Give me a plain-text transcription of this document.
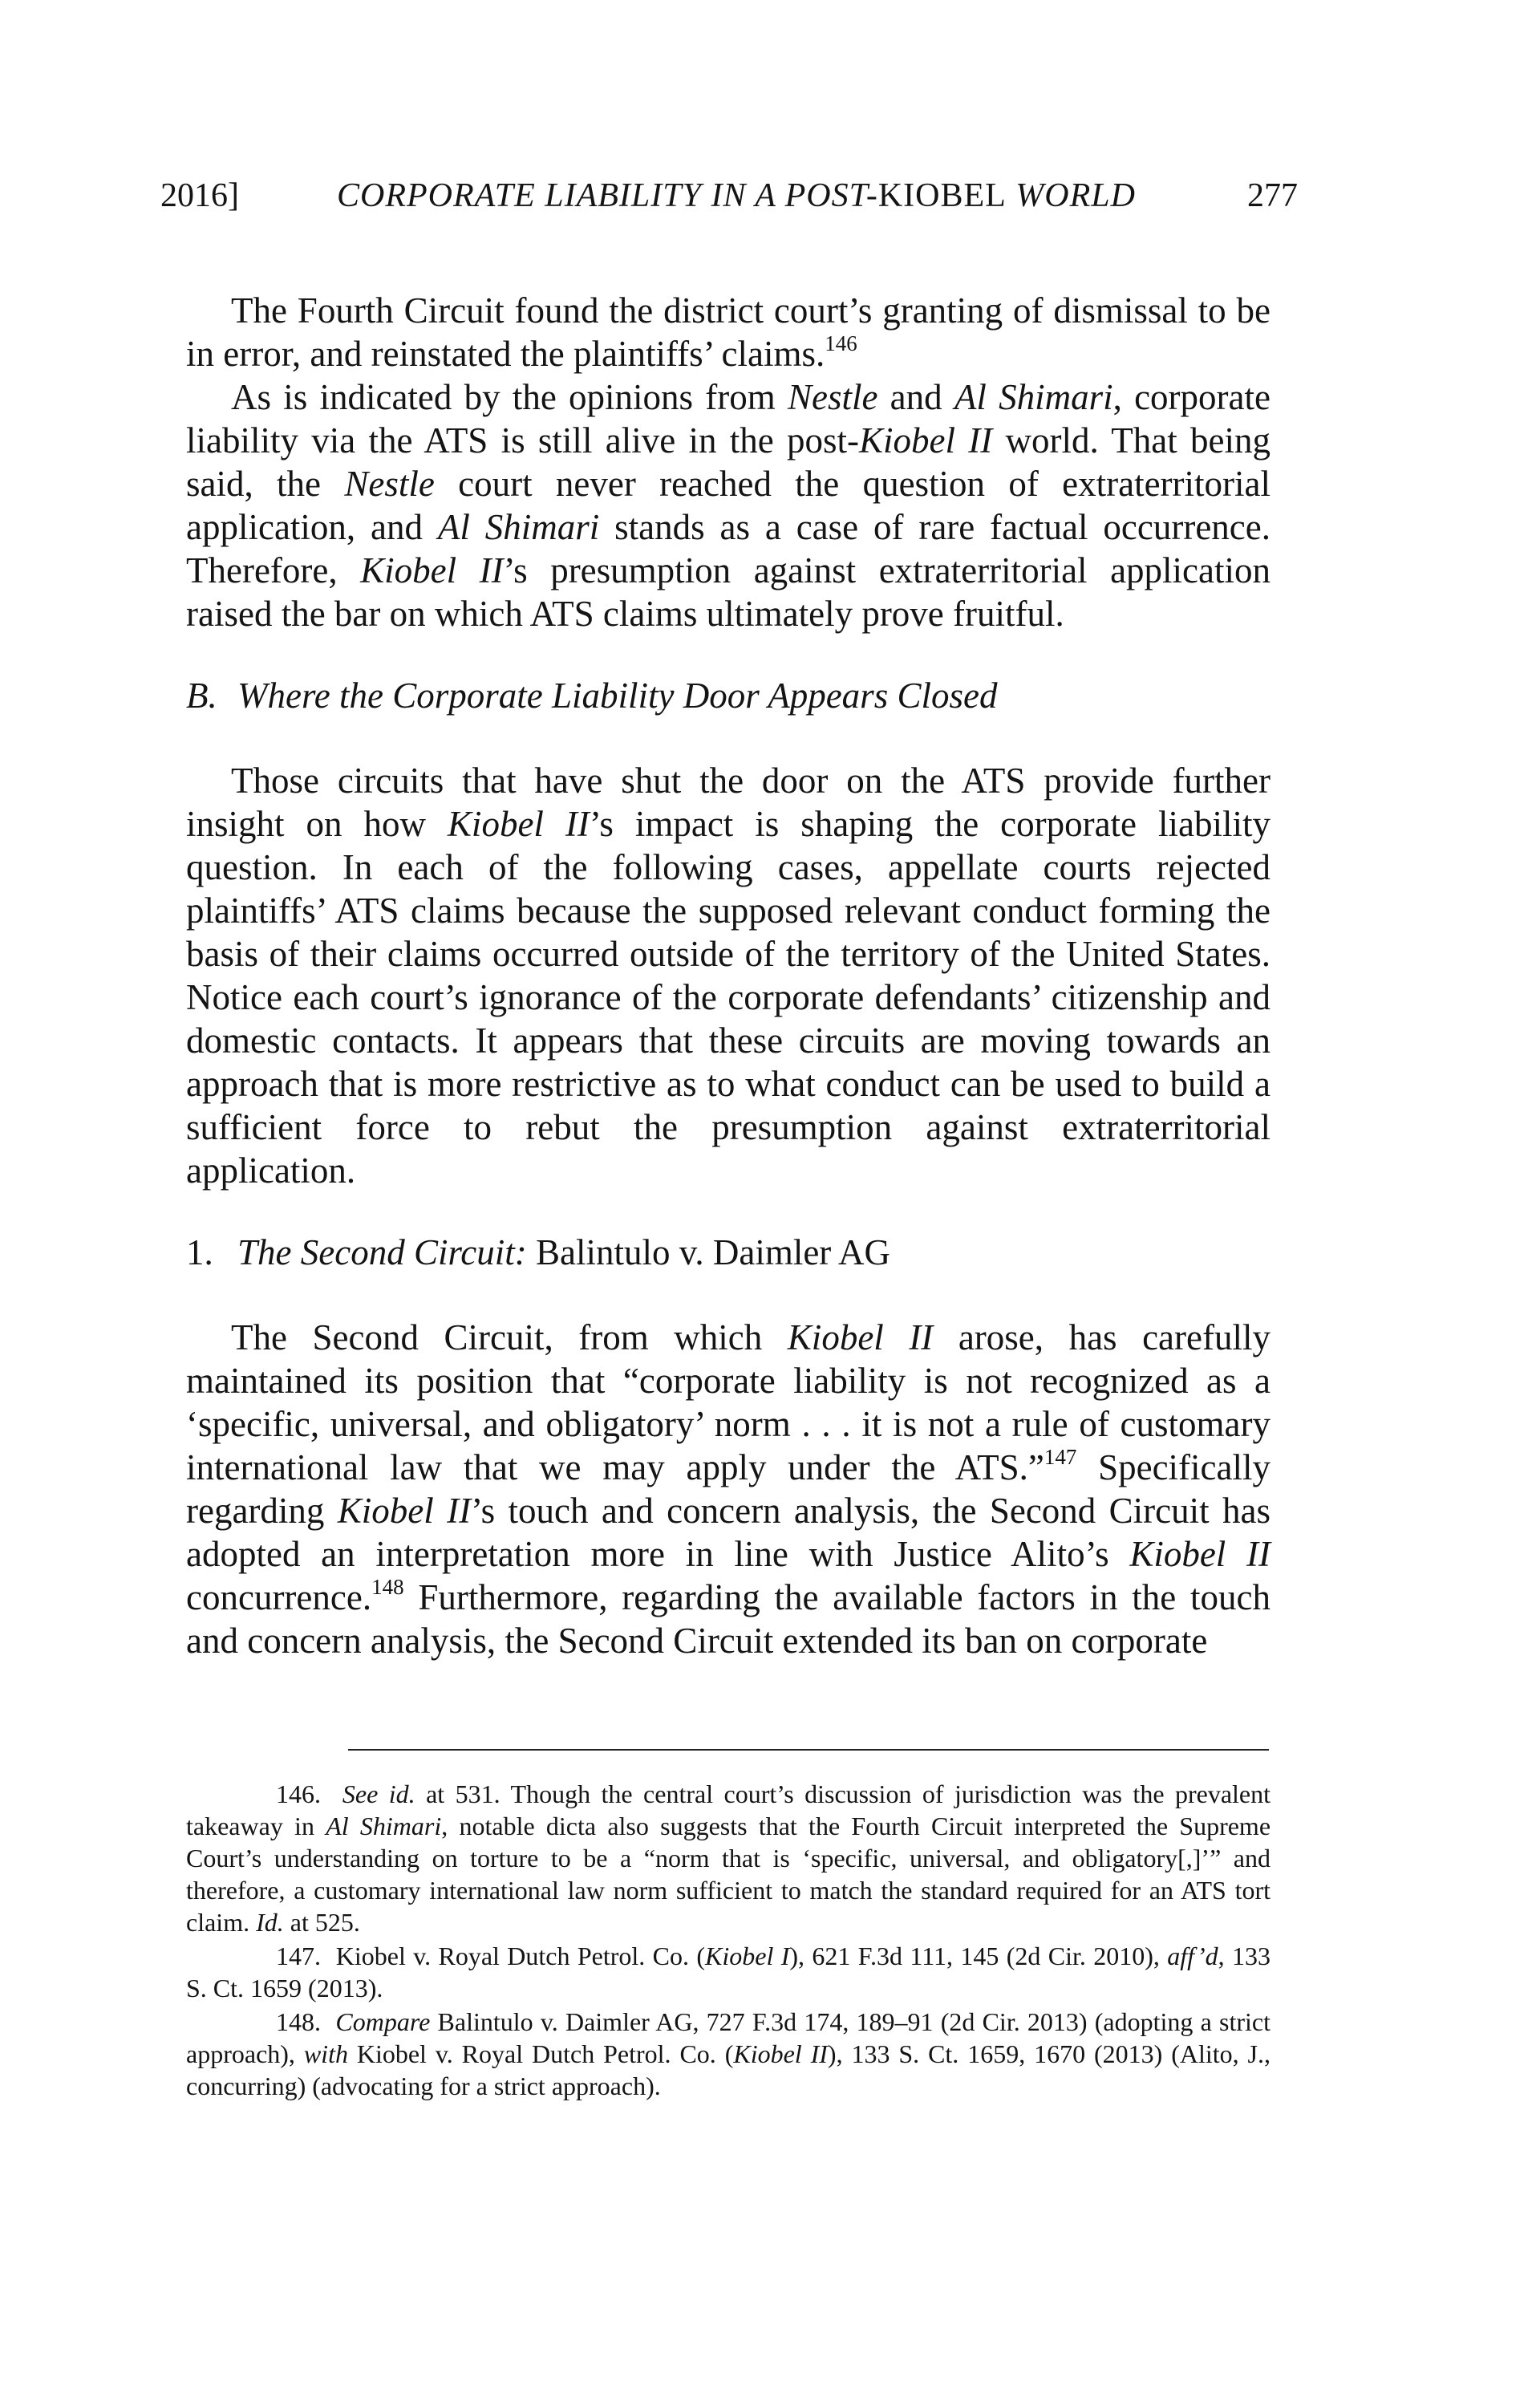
2016]	CORPORATE LIABILITY IN A POST-KIOBEL WORLD	277

The Fourth Circuit found the district court’s granting of dismissal to be in error, and reinstated the plaintiffs’ claims.$^{146}$

As is indicated by the opinions from Nestle and Al Shimari, corporate liability via the ATS is still alive in the post-Kiobel II world. That being said, the Nestle court never reached the question of extraterritorial application, and Al Shimari stands as a case of rare factual occurrence. Therefore, Kiobel II’s presumption against extraterritorial application raised the bar on which ATS claims ultimately prove fruitful.

B. Where the Corporate Liability Door Appears Closed

Those circuits that have shut the door on the ATS provide further insight on how Kiobel II’s impact is shaping the corporate liability question. In each of the following cases, appellate courts rejected plaintiffs’ ATS claims because the supposed relevant conduct forming the basis of their claims occurred outside of the territory of the United States. Notice each court’s ignorance of the corporate defendants’ citizenship and domestic contacts. It appears that these circuits are moving towards an approach that is more restrictive as to what conduct can be used to build a sufficient force to rebut the presumption against extraterritorial application.

1. The Second Circuit: Balintulo v. Daimler AG

The Second Circuit, from which Kiobel II arose, has carefully maintained its position that “corporate liability is not recognized as a ‘specific, universal, and obligatory’ norm . . . it is not a rule of customary international law that we may apply under the ATS.”$^{147}$ Specifically regarding Kiobel II’s touch and concern analysis, the Second Circuit has adopted an interpretation more in line with Justice Alito’s Kiobel II concurrence.$^{148}$ Furthermore, regarding the available factors in the touch and concern analysis, the Second Circuit extended its ban on corporate

146. See id. at 531. Though the central court’s discussion of jurisdiction was the prevalent takeaway in Al Shimari, notable dicta also suggests that the Fourth Circuit interpreted the Supreme Court’s understanding on torture to be a “norm that is ‘specific, universal, and obligatory[,]’” and therefore, a customary international law norm sufficient to match the standard required for an ATS tort claim. Id. at 525.

147. Kiobel v. Royal Dutch Petrol. Co. (Kiobel I), 621 F.3d 111, 145 (2d Cir. 2010), aff’d, 133 S. Ct. 1659 (2013).

148. Compare Balintulo v. Daimler AG, 727 F.3d 174, 189–91 (2d Cir. 2013) (adopting a strict approach), with Kiobel v. Royal Dutch Petrol. Co. (Kiobel II), 133 S. Ct. 1659, 1670 (2013) (Alito, J., concurring) (advocating for a strict approach).
